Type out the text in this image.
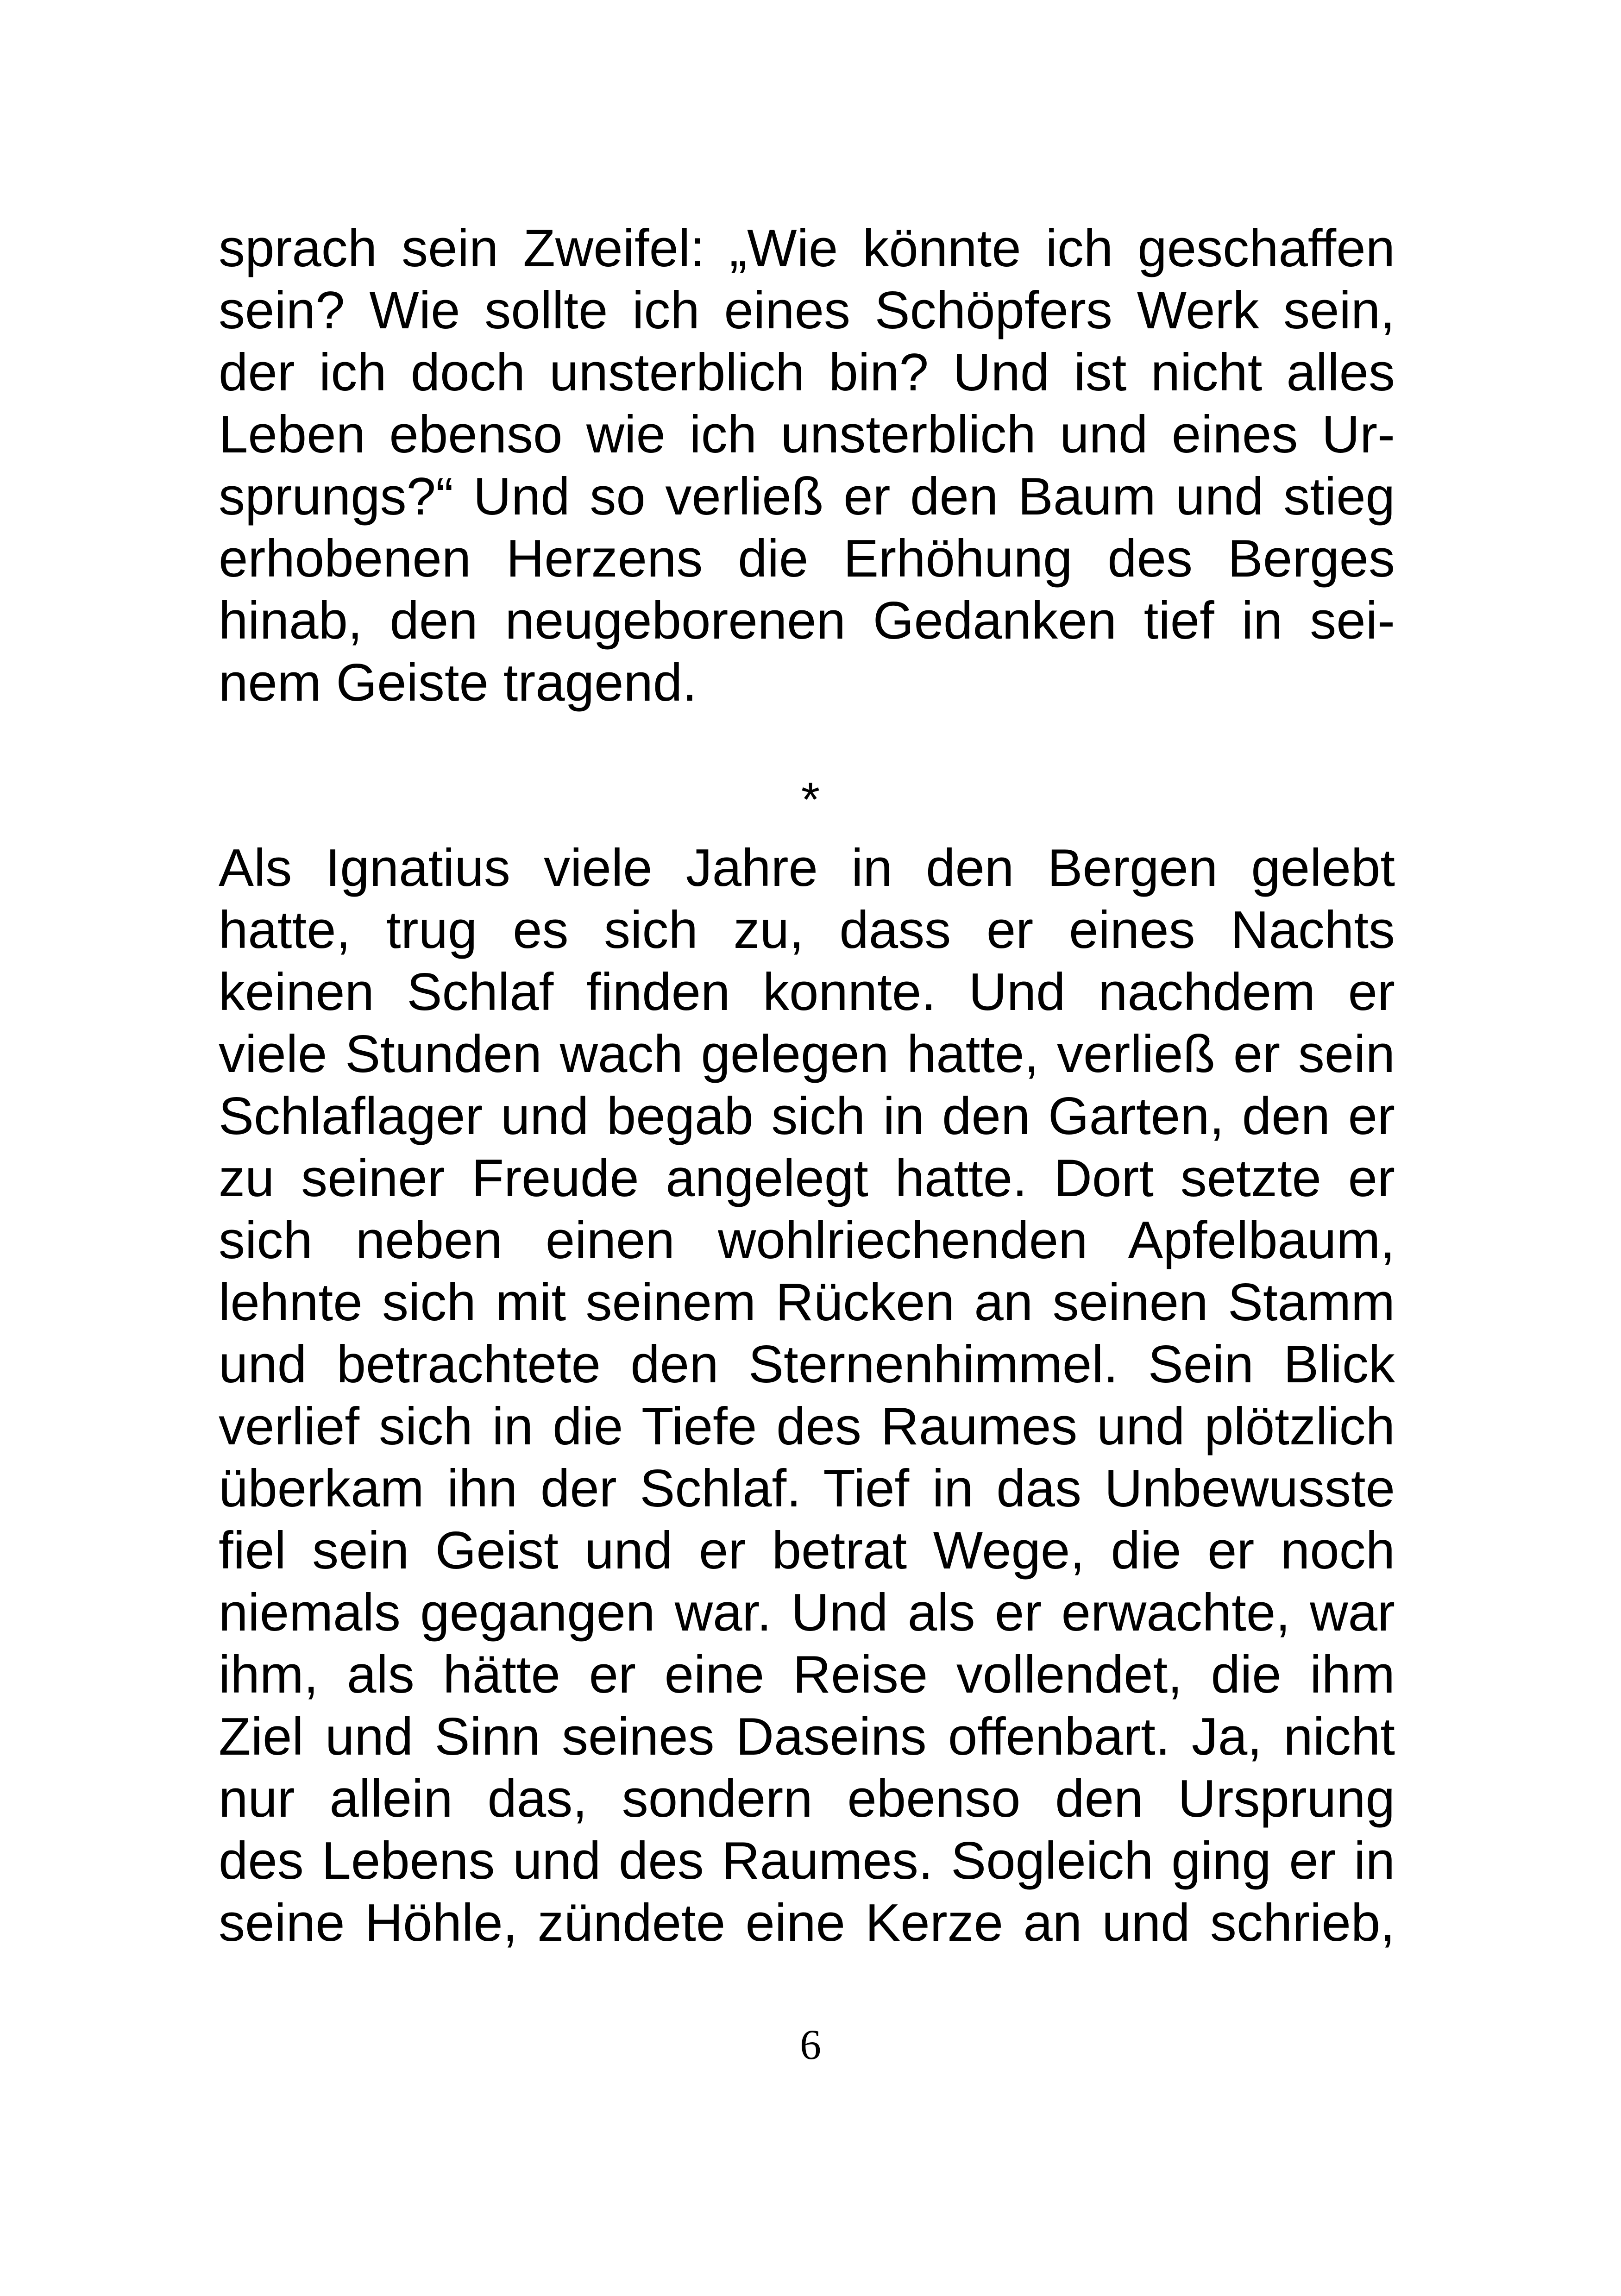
sprach sein Zweifel: „Wie könnte ich geschaffen
sein? Wie sollte ich eines Schöpfers Werk sein,
der ich doch unsterblich bin? Und ist nicht alles
Leben ebenso wie ich unsterblich und eines Ur-
sprungs?“ Und so verließ er den Baum und stieg
erhobenen Herzens die Erhöhung des Berges
hinab, den neugeborenen Gedanken tief in sei-
nem Geiste tragend.
*
Als Ignatius viele Jahre in den Bergen gelebt
hatte, trug es sich zu, dass er eines Nachts
keinen Schlaf finden konnte. Und nachdem er
viele Stunden wach gelegen hatte, verließ er sein
Schlaflager und begab sich in den Garten, den er
zu seiner Freude angelegt hatte. Dort setzte er
sich neben einen wohlriechenden Apfelbaum,
lehnte sich mit seinem Rücken an seinen Stamm
und betrachtete den Sternenhimmel. Sein Blick
verlief sich in die Tiefe des Raumes und plötzlich
überkam ihn der Schlaf. Tief in das Unbewusste
fiel sein Geist und er betrat Wege, die er noch
niemals gegangen war. Und als er erwachte, war
ihm, als hätte er eine Reise vollendet, die ihm
Ziel und Sinn seines Daseins offenbart. Ja, nicht
nur allein das, sondern ebenso den Ursprung
des Lebens und des Raumes. Sogleich ging er in
seine Höhle, zündete eine Kerze an und schrieb,
6
